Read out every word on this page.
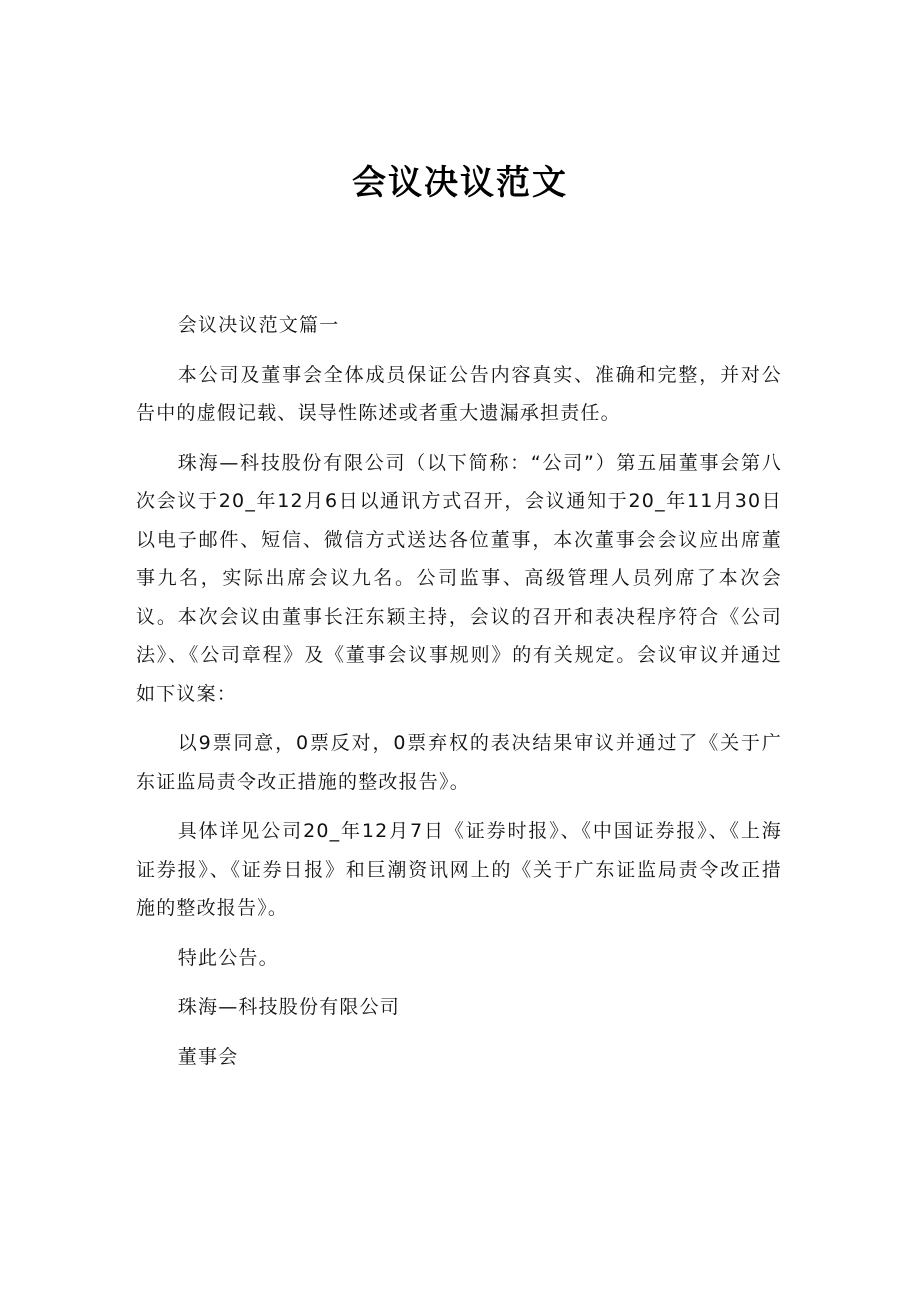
会议决议范文

会议决议范文篇一

本公司及董事会全体成员保证公告内容真实、准确和完整，并对公告中的虚假记载、误导性陈述或者重大遗漏承担责任。

珠海—科技股份有限公司（以下简称：“公司”）第五届董事会第八次会议于20_年12月6日以通讯方式召开，会议通知于20_年11月30日以电子邮件、短信、微信方式送达各位董事，本次董事会会议应出席董事九名，实际出席会议九名。公司监事、高级管理人员列席了本次会议。本次会议由董事长汪东颖主持，会议的召开和表决程序符合《公司法》、《公司章程》及《董事会议事规则》的有关规定。会议审议并通过如下议案：

以9票同意，0票反对，0票弃权的表决结果审议并通过了《关于广东证监局责令改正措施的整改报告》。

具体详见公司20_年12月7日《证券时报》、《中国证券报》、《上海证券报》、《证券日报》和巨潮资讯网上的《关于广东证监局责令改正措施的整改报告》。

特此公告。

珠海—科技股份有限公司

董事会
